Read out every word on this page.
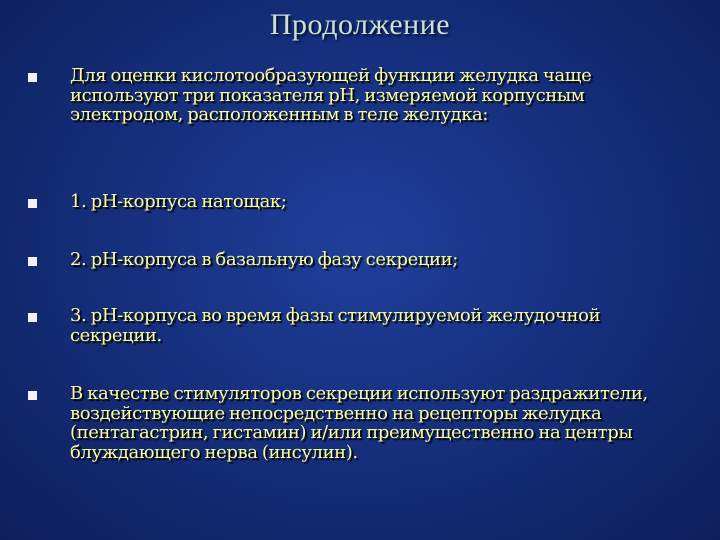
Продолжение
Для оценки кислотообразующей функции желудка чаще используют три показателя рН, измеряемой корпусным электродом, расположенным в теле желудка:
1. рН-корпуса натощак;
2. рН-корпуса в базальную фазу секреции;
3. рН-корпуса во время фазы стимулируемой желудочной секреции.
В качестве стимуляторов секреции используют раздражители, воздействующие непосредственно на рецепторы желудка (пентагастрин, гистамин) и/или преимущественно на центры блуждающего нерва (инсулин).
